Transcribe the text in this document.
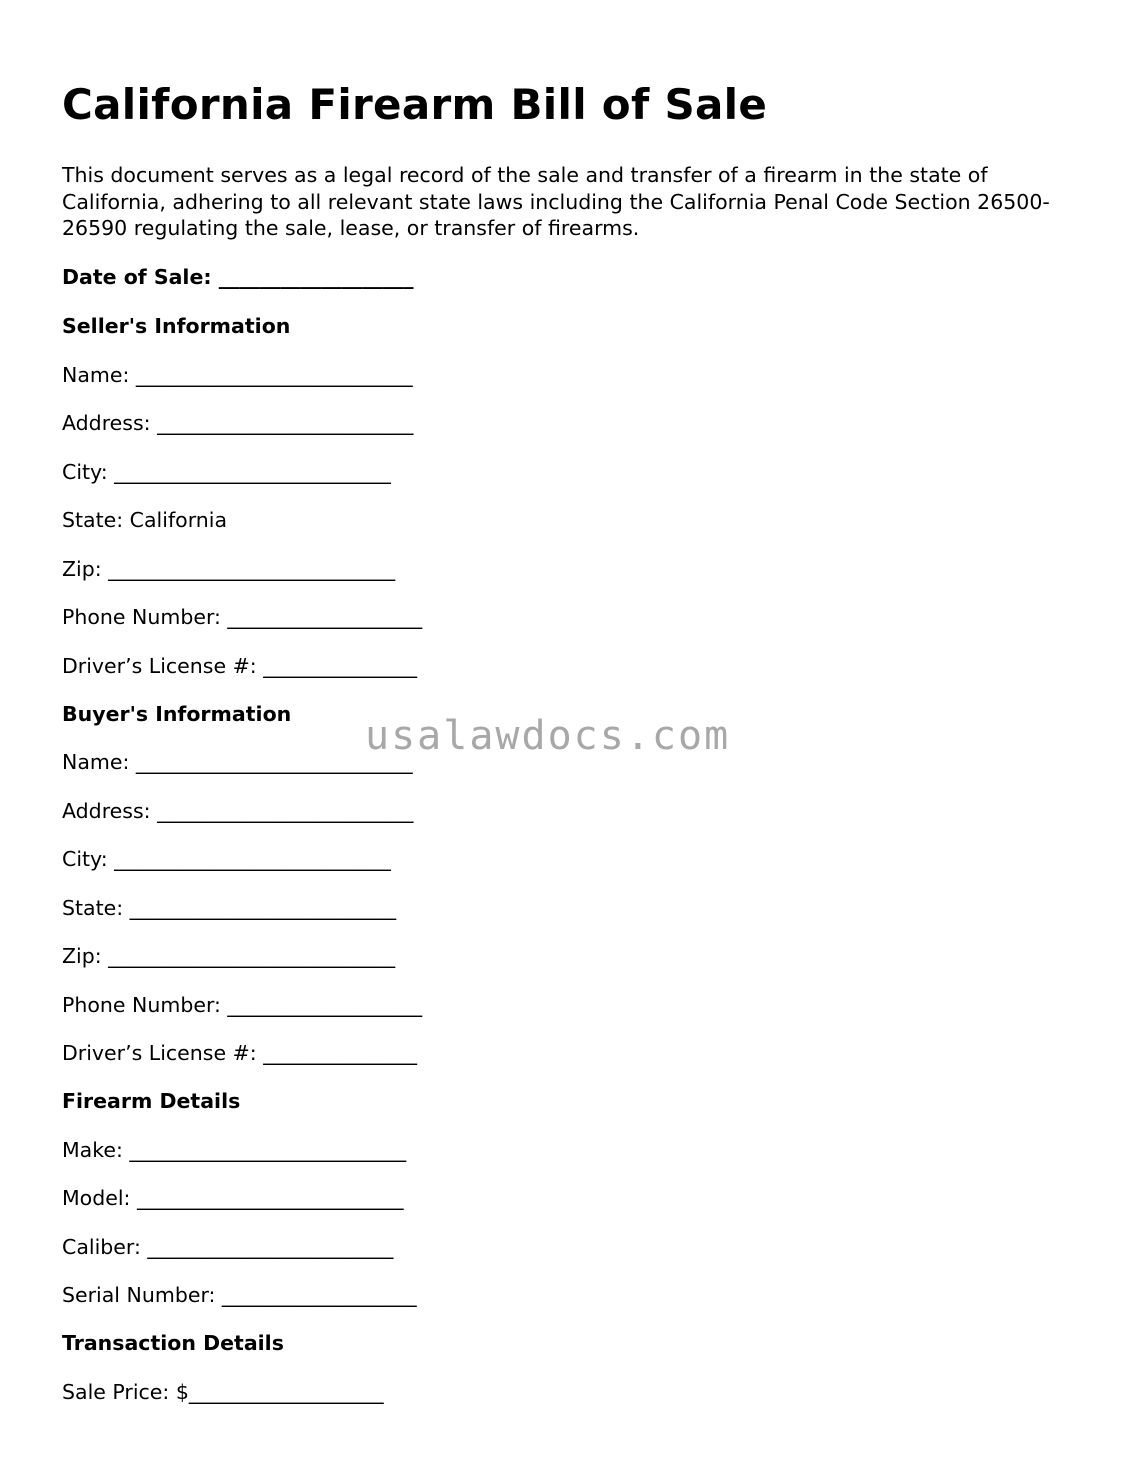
California Firearm Bill of Sale

This document serves as a legal record of the sale and transfer of a firearm in the state of California, adhering to all relevant state laws including the California Penal Code Section 26500-26590 regulating the sale, lease, or transfer of firearms.

Date of Sale: ___________________
Seller's Information
Name: ___________________________
Address: _________________________
City: ___________________________
State: California
Zip: ____________________________
Phone Number: ___________________
Driver’s License #: _______________
Buyer's Information
Name: ___________________________
Address: _________________________
City: ___________________________
State: __________________________
Zip: ____________________________
Phone Number: ___________________
Driver’s License #: _______________
Firearm Details
Make: ___________________________
Model: __________________________
Caliber: ________________________
Serial Number: ___________________
Transaction Details
Sale Price: $___________________
usalawdocs.com
